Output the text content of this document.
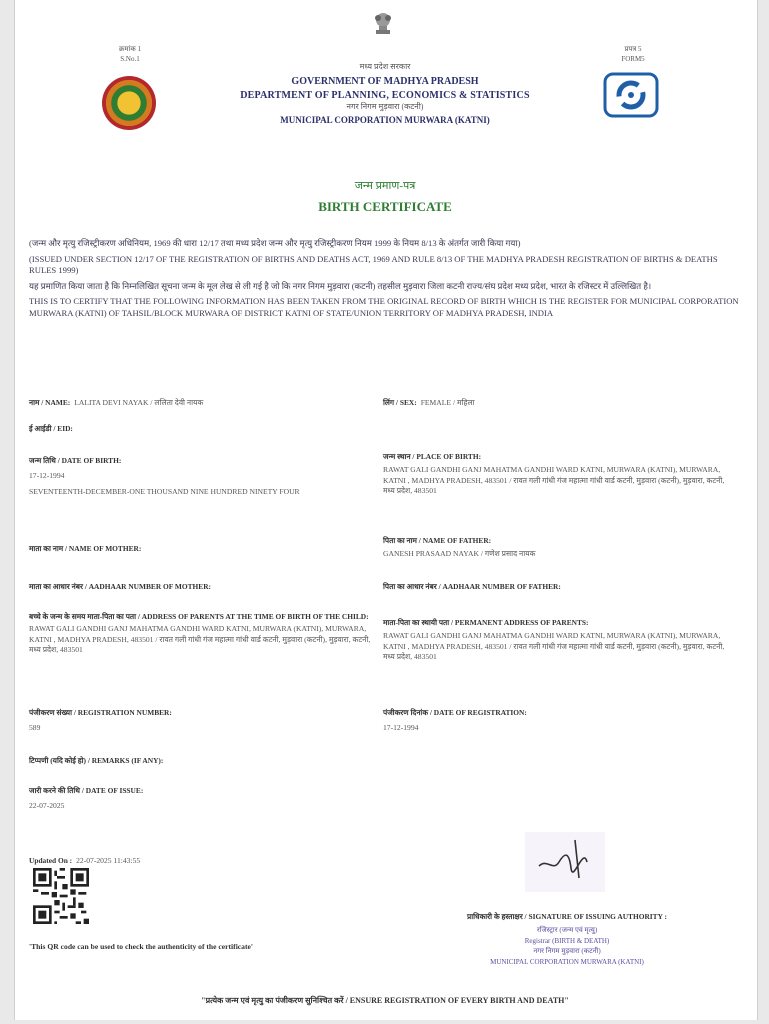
क्रमांक 1
S.No.1
प्रपत्र 5
FORM5
मध्य प्रदेश सरकार
GOVERNMENT OF MADHYA PRADESH
DEPARTMENT OF PLANNING, ECONOMICS & STATISTICS
नगर निगम मुड़वारा (कटनी)
MUNICIPAL CORPORATION MURWARA (KATNI)
जन्म प्रमाण-पत्र
BIRTH CERTIFICATE
(जन्म और मृत्यु रजिस्ट्रीकरण अधिनियम, 1969 की धारा 12/17 तथा मध्य प्रदेश जन्म और मृत्यु रजिस्ट्रीकरण नियम 1999 के नियम 8/13 के अंतर्गत जारी किया गया)
(ISSUED UNDER SECTION 12/17 OF THE REGISTRATION OF BIRTHS AND DEATHS ACT, 1969 AND RULE 8/13 OF THE MADHYA PRADESH REGISTRATION OF BIRTHS & DEATHS RULES 1999)
यह प्रमाणित किया जाता है कि निम्नलिखित सूचना जन्म के मूल लेख से ली गई है जो कि नगर निगम मुड़वारा (कटनी) तहसील मुड़वारा जिला कटनी राज्य/संघ प्रदेश मध्य प्रदेश, भारत के रजिस्टर में उल्लिखित है।
THIS IS TO CERTIFY THAT THE FOLLOWING INFORMATION HAS BEEN TAKEN FROM THE ORIGINAL RECORD OF BIRTH WHICH IS THE REGISTER FOR MUNICIPAL CORPORATION MURWARA (KATNI) OF TAHSIL/BLOCK MURWARA OF DISTRICT KATNI OF STATE/UNION TERRITORY OF MADHYA PRADESH, INDIA
नाम / NAME: LALITA DEVI NAYAK / ललिता देवी नायक	लिंग / SEX: FEMALE / महिला
ई आईडी / EID:
जन्म तिथि / DATE OF BIRTH:
17-12-1994
SEVENTEENTH-DECEMBER-ONE THOUSAND NINE HUNDRED NINETY FOUR
जन्म स्थान / PLACE OF BIRTH:
RAWAT GALI GANDHI GANJ MAHATMA GANDHI WARD KATNI, MURWARA (KATNI), MURWARA, KATNI , MADHYA PRADESH, 483501 / रावत गली गांधी गंज महात्मा गांधी वार्ड कटनी, मुड़वारा (कटनी), मुड़वारा, कटनी, मध्य प्रदेश, 483501
माता का नाम / NAME OF MOTHER:
पिता का नाम / NAME OF FATHER:
GANESH PRASAAD NAYAK / गणेश प्रसाद नायक
माता का आधार नंबर / AADHAAR NUMBER OF MOTHER:	पिता का आधार नंबर / AADHAAR NUMBER OF FATHER:
बच्चे के जन्म के समय माता-पिता का पता / ADDRESS OF PARENTS AT THE TIME OF BIRTH OF THE CHILD:
RAWAT GALI GANDHI GANJ MAHATMA GANDHI WARD KATNI, MURWARA (KATNI), MURWARA, KATNI , MADHYA PRADESH, 483501 / रावत गली गांधी गंज महात्मा गांधी वार्ड कटनी, मुड़वारा (कटनी), मुड़वारा, कटनी, मध्य प्रदेश, 483501
माता-पिता का स्थायी पता / PERMANENT ADDRESS OF PARENTS:
RAWAT GALI GANDHI GANJ MAHATMA GANDHI WARD KATNI, MURWARA (KATNI), MURWARA, KATNI , MADHYA PRADESH, 483501 / रावत गली गांधी गंज महात्मा गांधी वार्ड कटनी, मुड़वारा (कटनी), मुड़वारा, कटनी, मध्य प्रदेश, 483501
पंजीकरण संख्या / REGISTRATION NUMBER:
589
पंजीकरण दिनांक / DATE OF REGISTRATION:
17-12-1994
टिप्पणी (यदि कोई हो) / REMARKS (IF ANY):
जारी करने की तिथि / DATE OF ISSUE:
22-07-2025
Updated On : 22-07-2025 11:43:55
'This QR code can be used to check the authenticity of the certificate'
प्राधिकारी के हस्ताक्षर / SIGNATURE OF ISSUING AUTHORITY :
रजिस्ट्रार (जन्म एवं मृत्यु)
Registrar (BIRTH & DEATH)
नगर निगम मुड़वारा (कटनी)
MUNICIPAL CORPORATION MURWARA (KATNI)
"प्रत्येक जन्म एवं मृत्यु का पंजीकरण सुनिश्चित करें / ENSURE REGISTRATION OF EVERY BIRTH AND DEATH"
